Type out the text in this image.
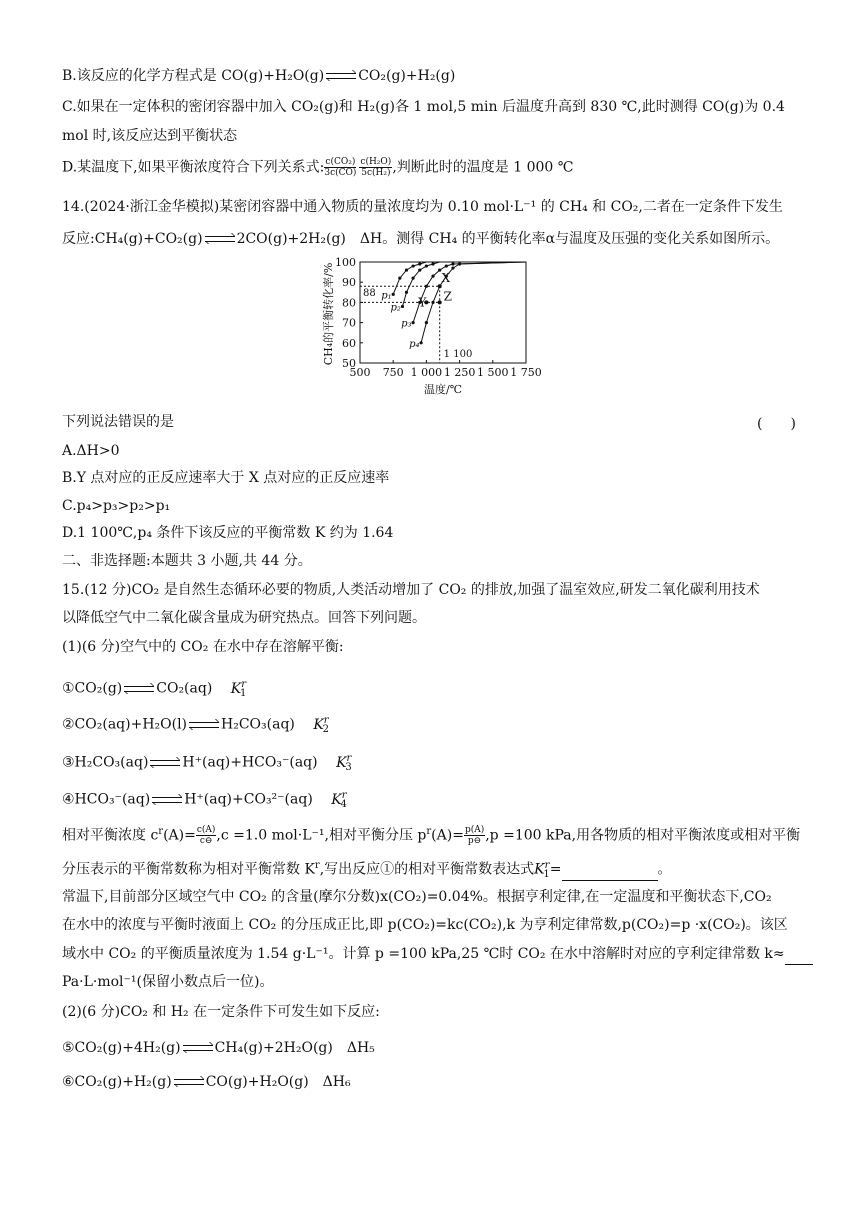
B.该反应的化学方程式是 CO(g)+H₂O(g) CO₂(g)+H₂(g)
C.如果在一定体积的密闭容器中加入 CO₂(g)和 H₂(g)各 1 mol,5 min 后温度升高到 830 ℃,此时测得 CO(g)为 0.4
mol 时,该反应达到平衡状态
D.某温度下,如果平衡浓度符合下列关系式: $\frac{\text{c(CO₂)}}{3c(CO)} \frac{\text{c(H₂O)}}{\text{5c(H₂)}}$ ,判断此时的温度是 1 000 ℃
14.(2024·浙江金华模拟)某密闭容器中通入物质的量浓度均为 0.10 mol·L⁻¹ 的 CH₄ 和 CO₂,二者在一定条件下发生
反应:CH₄(g)+CO₂(g) 2CO(g)+2H₂(g)　ΔH。测得 CH₄ 的平衡转化率α与温度及压强的变化关系如图所示。
50
60
70
80
90
100
500 750 1 000 1 250 1 500 1 750
88
1 100
p₁
p₂
p₃
p₄
X
Y Z
CH₄的平衡转化率/%
温度/℃
下列说法错误的是	(　　)
A.ΔH>0
B.Y 点对应的正反应速率大于 X 点对应的正反应速率
C.p₄>p₃>p₂>p₁
D.1 100℃,p₄ 条件下该反应的平衡常数 K 约为 1.64
二、非选择题:本题共 3 小题,共 44 分。
15.(12 分)CO₂ 是自然生态循环必要的物质,人类活动增加了 CO₂ 的排放,加强了温室效应,研发二氧化碳利用技术
以降低空气中二氧化碳含量成为研究热点。回答下列问题。
(1)(6 分)空气中的 CO₂ 在水中存在溶解平衡:
①CO₂(g) CO₂(aq) $K^r_1$
②CO₂(aq)+H₂O(l) H₂CO₃(aq) $K^r_2$
③H₂CO₃(aq) H⁺(aq)+HCO₃⁻(aq) $K^r_3$
④HCO₃⁻(aq) H⁺(aq)+CO₃²⁻(aq) $K^r_4$
相对平衡浓度 $c^r(A)= \frac{c(A)}{c⊖} ,c =1.0$ mol·L⁻¹,相对平衡分压 $p^r(A)= \frac{p(A)}{p⊖} ,p =100$ kPa,用各物质的相对平衡浓度或相对平衡
分压表示的平衡常数称为相对平衡常数 $K^r$,写出反应①的相对平衡常数表达式$K^r_1=$	。
常温下,目前部分区域空气中 CO₂ 的含量(摩尔分数)x(CO₂)=0.04%。根据亨利定律,在一定温度和平衡状态下,CO₂
在水中的浓度与平衡时液面上 CO₂ 的分压成正比,即 p(CO₂)=kc(CO₂),k 为亨利定律常数,p(CO₂)=p ·x(CO₂)。该区
域水中 CO₂ 的平衡质量浓度为 1.54 g·L⁻¹。计算 p =100 kPa,25 ℃时 CO₂ 在水中溶解时对应的亨利定律常数 k≈
Pa·L·mol⁻¹(保留小数点后一位)。
(2)(6 分)CO₂ 和 H₂ 在一定条件下可发生如下反应:
⑤CO₂(g)+4H₂(g) CH₄(g)+2H₂O(g)　ΔH₅
⑥CO₂(g)+H₂(g) CO(g)+H₂O(g)　ΔH₆
